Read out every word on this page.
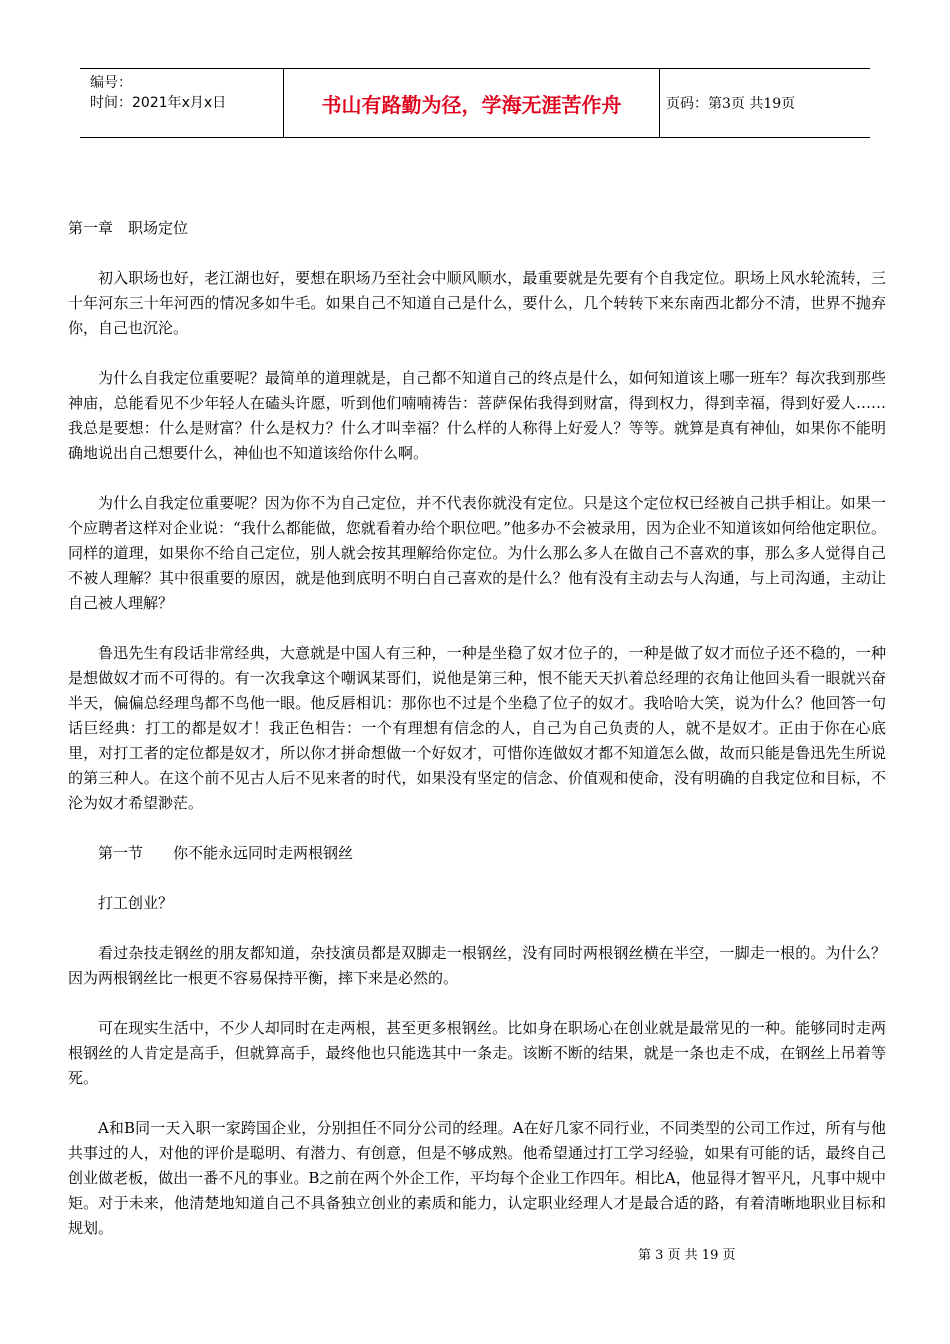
编号：
时间：2021年x月x日	书山有路勤为径，学海无涯苦作舟	页码：第3页 共19页

第一章　职场定位

初入职场也好，老江湖也好，要想在职场乃至社会中顺风顺水，最重要就是先要有个自我定位。职场上风水轮流转，三十年河东三十年河西的情况多如牛毛。如果自己不知道自己是什么，要什么，几个转转下来东南西北都分不清，世界不抛弃你，自己也沉沦。

为什么自我定位重要呢？最简单的道理就是，自己都不知道自己的终点是什么，如何知道该上哪一班车？每次我到那些神庙，总能看见不少年轻人在磕头许愿，听到他们喃喃祷告：菩萨保佑我得到财富，得到权力，得到幸福，得到好爱人……我总是要想：什么是财富？什么是权力？什么才叫幸福？什么样的人称得上好爱人？等等。就算是真有神仙，如果你不能明确地说出自己想要什么，神仙也不知道该给你什么啊。

为什么自我定位重要呢？因为你不为自己定位，并不代表你就没有定位。只是这个定位权已经被自己拱手相让。如果一个应聘者这样对企业说：“我什么都能做，您就看着办给个职位吧。”他多办不会被录用，因为企业不知道该如何给他定职位。同样的道理，如果你不给自己定位，别人就会按其理解给你定位。为什么那么多人在做自己不喜欢的事，那么多人觉得自己不被人理解？其中很重要的原因，就是他到底明不明白自己喜欢的是什么？他有没有主动去与人沟通，与上司沟通，主动让自己被人理解？

鲁迅先生有段话非常经典，大意就是中国人有三种，一种是坐稳了奴才位子的，一种是做了奴才而位子还不稳的，一种是想做奴才而不可得的。有一次我拿这个嘲讽某哥们，说他是第三种，恨不能天天扒着总经理的衣角让他回头看一眼就兴奋半天，偏偏总经理鸟都不鸟他一眼。他反唇相讥：那你也不过是个坐稳了位子的奴才。我哈哈大笑，说为什么？他回答一句话巨经典：打工的都是奴才！我正色相告：一个有理想有信念的人，自己为自己负责的人，就不是奴才。正由于你在心底里，对打工者的定位都是奴才，所以你才拼命想做一个好奴才，可惜你连做奴才都不知道怎么做，故而只能是鲁迅先生所说的第三种人。在这个前不见古人后不见来者的时代，如果没有坚定的信念、价值观和使命，没有明确的自我定位和目标，不沦为奴才希望渺茫。

第一节　　你不能永远同时走两根钢丝

打工创业？

看过杂技走钢丝的朋友都知道，杂技演员都是双脚走一根钢丝，没有同时两根钢丝横在半空，一脚走一根的。为什么？因为两根钢丝比一根更不容易保持平衡，摔下来是必然的。

可在现实生活中，不少人却同时在走两根，甚至更多根钢丝。比如身在职场心在创业就是最常见的一种。能够同时走两根钢丝的人肯定是高手，但就算高手，最终他也只能选其中一条走。该断不断的结果，就是一条也走不成，在钢丝上吊着等死。

A和B同一天入职一家跨国企业，分别担任不同分公司的经理。A在好几家不同行业，不同类型的公司工作过，所有与他共事过的人，对他的评价是聪明、有潜力、有创意，但是不够成熟。他希望通过打工学习经验，如果有可能的话，最终自己创业做老板，做出一番不凡的事业。B之前在两个外企工作，平均每个企业工作四年。相比A，他显得才智平凡，凡事中规中矩。对于未来，他清楚地知道自己不具备独立创业的素质和能力，认定职业经理人才是最合适的路，有着清晰地职业目标和规划。

第 3 页 共 19 页
